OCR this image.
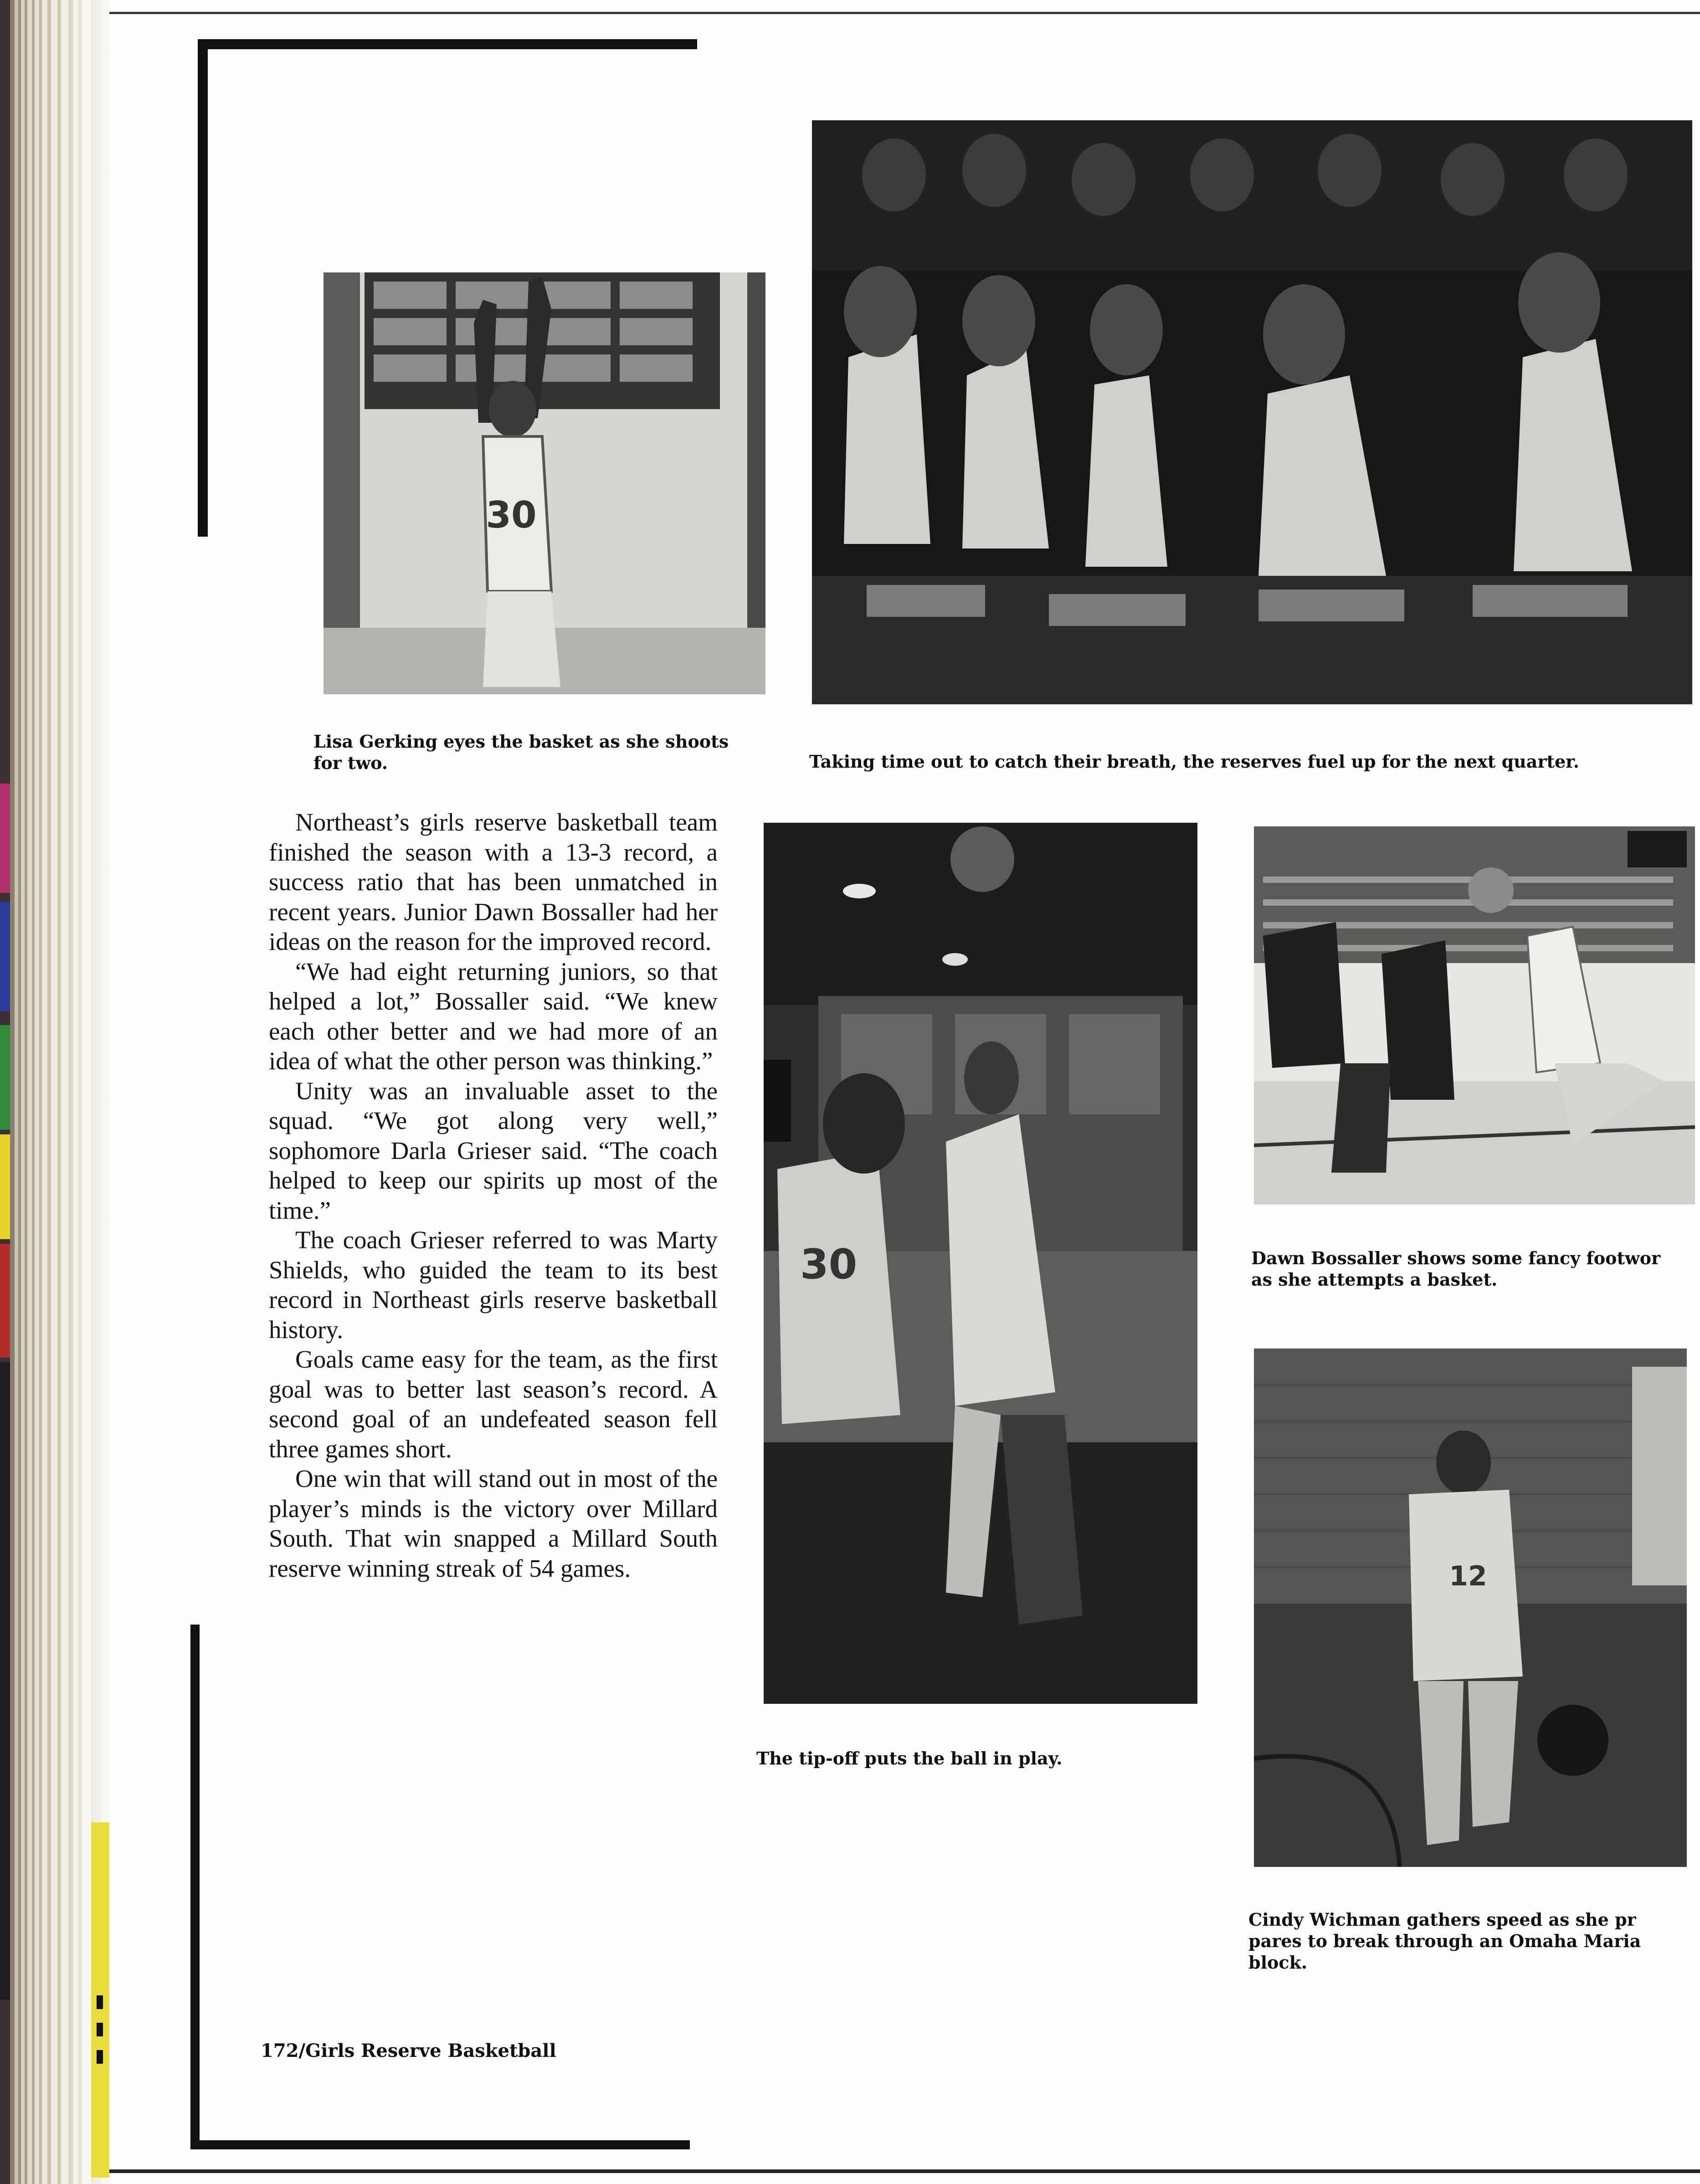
30

Lisa Gerking eyes the basket as she shoots
for two.	Taking time out to catch their breath, the reserves fuel up for the next quarter.

Northeast’s girls reserve basketball team finished the season with a 13-3 record, a success ratio that has been unmatched in recent years. Junior Dawn Bossaller had her ideas on the reason for the improved record.

“We had eight returning juniors, so that helped a lot,” Bossaller said. “We knew each other better and we had more of an idea of what the other person was thinking.”

Unity was an invaluable asset to the squad. “We got along very well,” sophomore Darla Grieser said. “The coach helped to keep our spirits up most of the time.”

The coach Grieser referred to was Marty Shields, who guided the team to its best record in Northeast girls reserve basketball history.

Goals came easy for the team, as the first goal was to better last season’s record. A second goal of an undefeated season fell three games short.

One win that will stand out in most of the player’s minds is the victory over Millard South. That win snapped a Millard South reserve winning streak of 54 games.

30	Dawn Bossaller shows some fancy footwor
as she attempts a basket.

The tip-off puts the ball in play.

12

Cindy Wichman gathers speed as she pr
pares to break through an Omaha Maria
block.

172/Girls Reserve Basketball
